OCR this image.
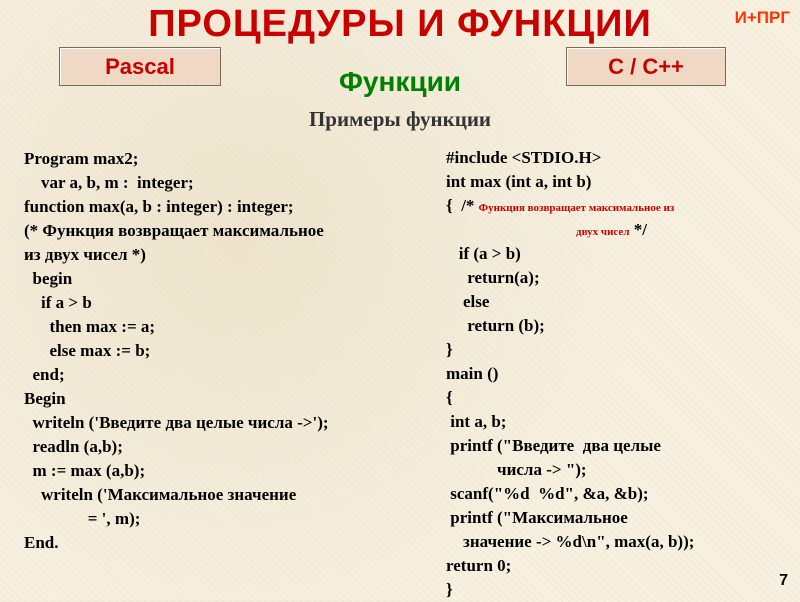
ПРОЦЕДУРЫ И ФУНКЦИИ	И+ПРГ
Pascal	C / C++
Функции
Примеры функции
Program max2;
var a, b, m :  integer;
function max(a, b : integer) : integer;
(* Функция возвращает максимальное
из двух чисел *)
begin
if a > b
then max := a;
else max := b;
end;
Begin
writeln ('Введите два целые числа ->');
readln (a,b);
m := max (a,b);
writeln ('Максимальное значение
= ', m);
End.
#include <STDIO.H>
int max (int a, int b)
{  /* Функция возвращает максимальное из
двух чисел */
if (a > b)
return(a);
else
return (b);
}
main ()
{
int a, b;
printf ("Введите  два целые
числа -> ");
scanf("%d  %d", &a, &b);
printf ("Максимальное
значение -> %d\n", max(a, b));
return 0;
}	7
